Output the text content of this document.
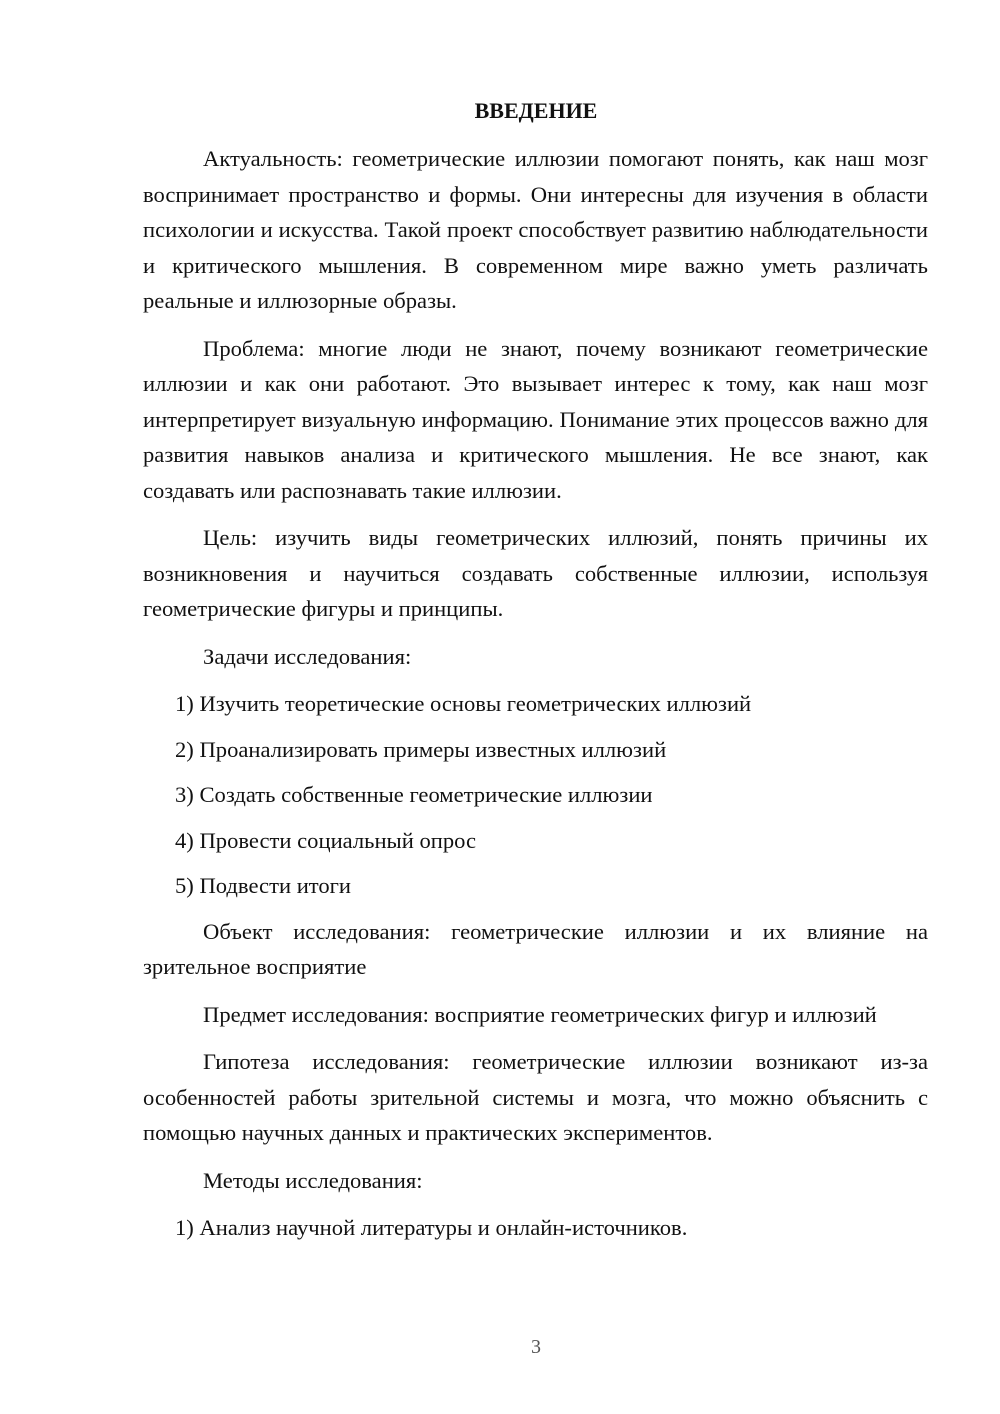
ВВЕДЕНИЕ

Актуальность: геометрические иллюзии помогают понять, как наш мозг воспринимает пространство и формы. Они интересны для изучения в области психологии и искусства. Такой проект способствует развитию наблюдательности и критического мышления. В современном мире важно уметь различать реальные и иллюзорные образы.

Проблема: многие люди не знают, почему возникают геометрические иллюзии и как они работают. Это вызывает интерес к тому, как наш мозг интерпретирует визуальную информацию. Понимание этих процессов важно для развития навыков анализа и критического мышления. Не все знают, как создавать или распознавать такие иллюзии.

Цель: изучить виды геометрических иллюзий, понять причины их возникновения и научиться создавать собственные иллюзии, используя геометрические фигуры и принципы.

Задачи исследования:

1) Изучить теоретические основы геометрических иллюзий

2) Проанализировать примеры известных иллюзий

3) Создать собственные геометрические иллюзии

4) Провести социальный опрос

5) Подвести итоги

Объект исследования: геометрические иллюзии и их влияние на зрительное восприятие

Предмет исследования: восприятие геометрических фигур и иллюзий

Гипотеза исследования: геометрические иллюзии возникают из-за особенностей работы зрительной системы и мозга, что можно объяснить с помощью научных данных и практических экспериментов.

Методы исследования:

1) Анализ научной литературы и онлайн-источников.

3
